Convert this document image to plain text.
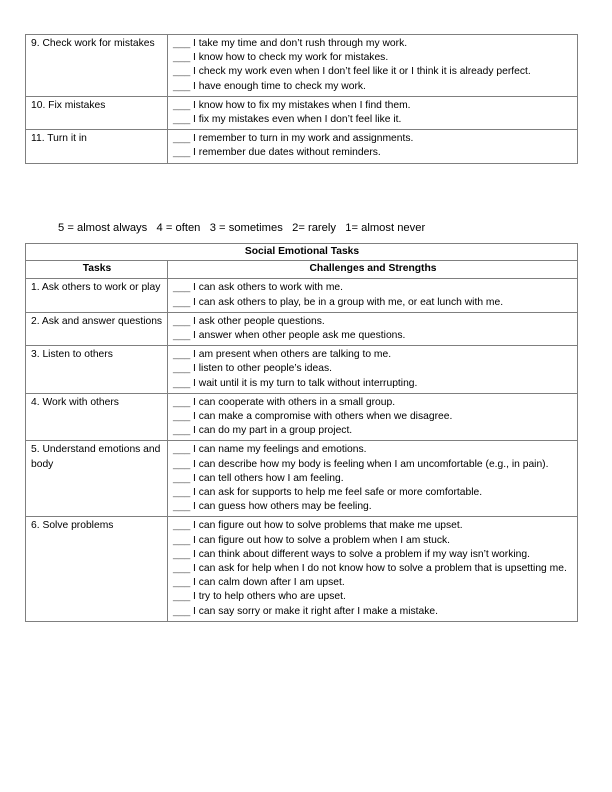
9. Check work for mistakes	___ I take my time and don’t rush through my work.
___ I know how to check my work for mistakes.
___ I check my work even when I don’t feel like it or I think it is already perfect.
___ I have enough time to check my work.

10. Fix mistakes	___ I know how to fix my mistakes when I find them.
___ I fix my mistakes even when I don’t feel like it.

11. Turn it in	___ I remember to turn in my work and assignments.
___ I remember due dates without reminders.
5 = almost always   4 = often   3 = sometimes   2= rarely   1= almost never
Social Emotional Tasks	
Tasks	Challenges and Strengths
1. Ask others to work or play	___ I can ask others to work with me.
___ I can ask others to play, be in a group with me, or eat lunch with me.

2. Ask and answer questions	___ I ask other people questions.
___ I answer when other people ask me questions.

3. Listen to others	___ I am present when others are talking to me.
___ I listen to other people’s ideas.
___ I wait until it is my turn to talk without interrupting.

4. Work with others	___ I can cooperate with others in a small group.
___ I can make a compromise with others when we disagree.
___ I can do my part in a group project.

5. Understand emotions and body	___ I can name my feelings and emotions.
___ I can describe how my body is feeling when I am uncomfortable (e.g., in pain).
___ I can tell others how I am feeling.
___ I can ask for supports to help me feel safe or more comfortable.
___ I can guess how others may be feeling.

6. Solve problems	___ I can figure out how to solve problems that make me upset.
___ I can figure out how to solve a problem when I am stuck.
___ I can think about different ways to solve a problem if my way isn’t working.
___ I can ask for help when I do not know how to solve a problem that is upsetting me.
___ I can calm down after I am upset.
___ I try to help others who are upset.
___ I can say sorry or make it right after I make a mistake.
